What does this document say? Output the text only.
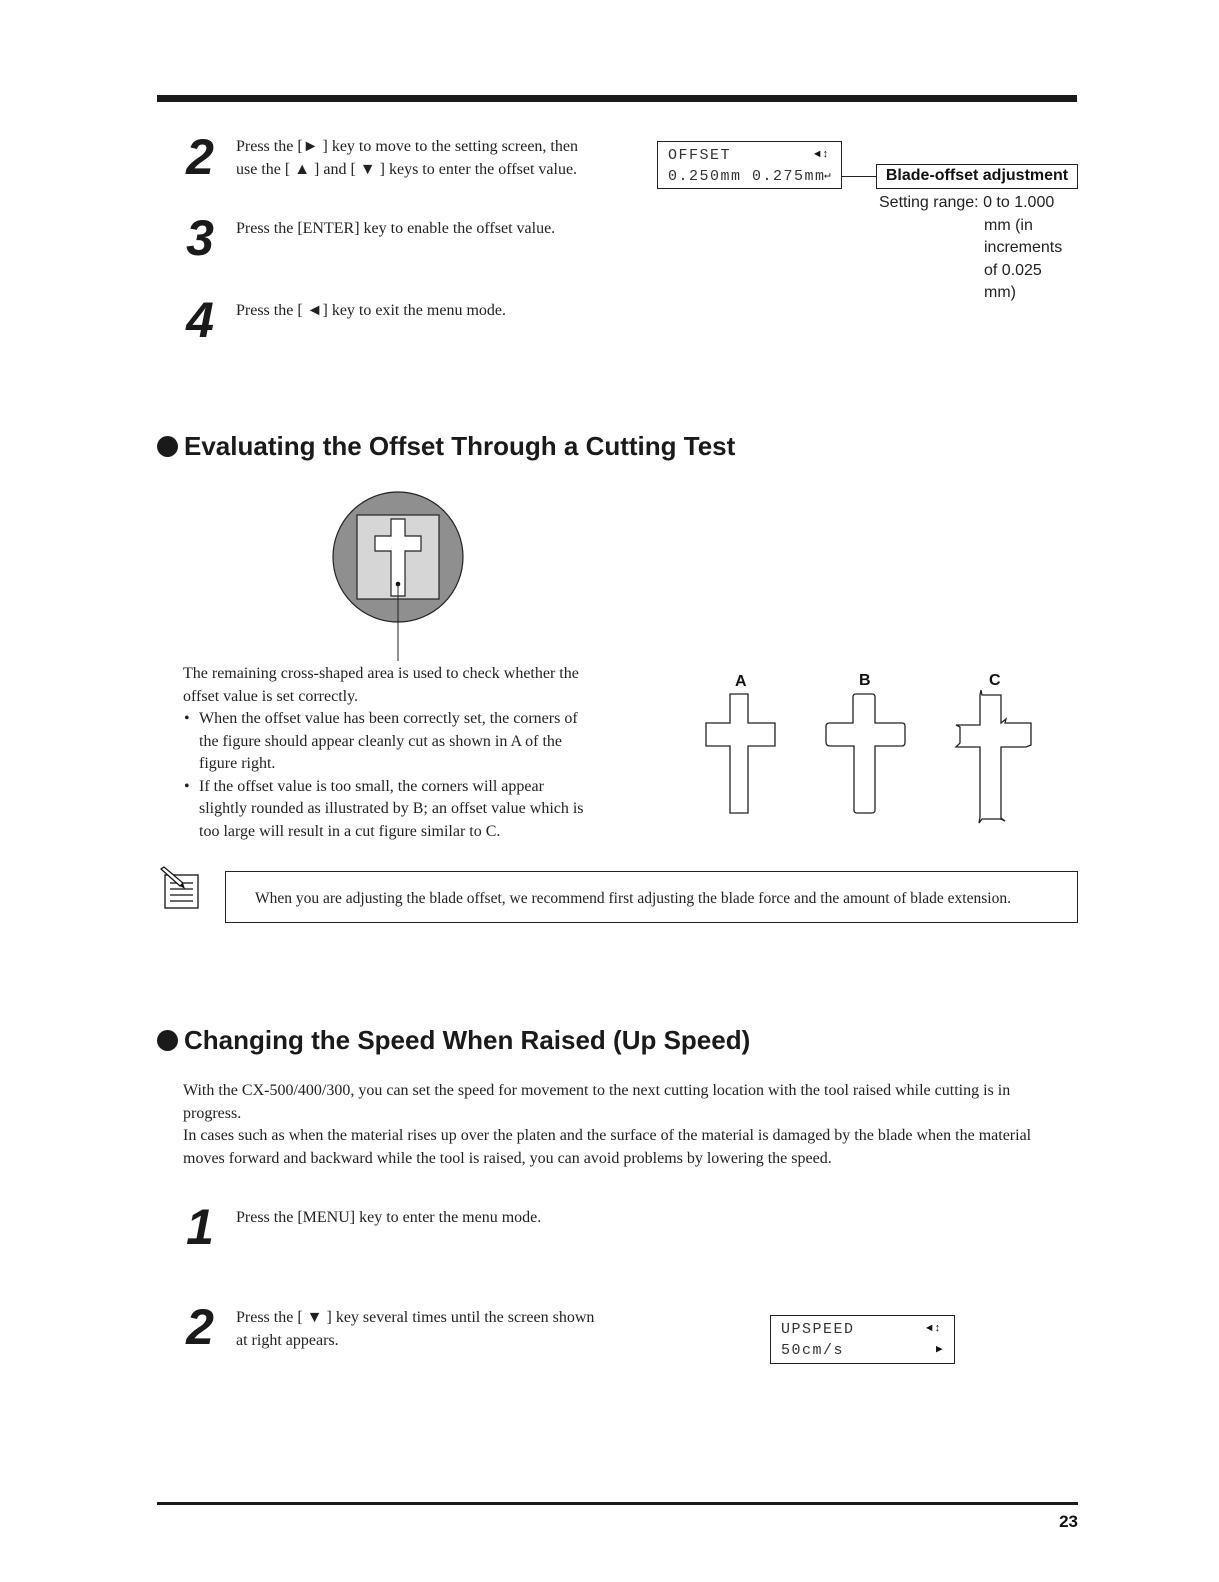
2	Press the [► ] key to move to the setting screen, then
use the [ ▲ ] and [ ▼ ] keys to enter the offset value.
3	Press the [ENTER] key to enable the offset value.
4	Press the [ ◄] key to exit the menu mode.
OFFSET	◄↕
0.250mm 0.275mm
↵	Blade-offset adjustment
Setting range: 0 to 1.000
mm (in
increments
of 0.025
mm)
Evaluating the Offset Through a Cutting Test
The remaining cross-shaped area is used to check whether the
offset value is set correctly.
• When the offset value has been correctly set, the corners of
the figure should appear cleanly cut as shown in A of the
figure right.
• If the offset value is too small, the corners will appear
slightly rounded as illustrated by B; an offset value which is
too large will result in a cut figure similar to C.
A	B	C
When you are adjusting the blade offset, we recommend first adjusting the blade force and the amount of blade extension.
Changing the Speed When Raised (Up Speed)
With the CX-500/400/300, you can set the speed for movement to the next cutting location with the tool raised while cutting is in
progress.
In cases such as when the material rises up over the platen and the surface of the material is damaged by the blade when the material
moves forward and backward while the tool is raised, you can avoid problems by lowering the speed.
1	Press the [MENU] key to enter the menu mode.
2	Press the [ ▼ ] key several times until the screen shown
at right appears.
UPSPEED	◄↕
50cm/s	▶
23
